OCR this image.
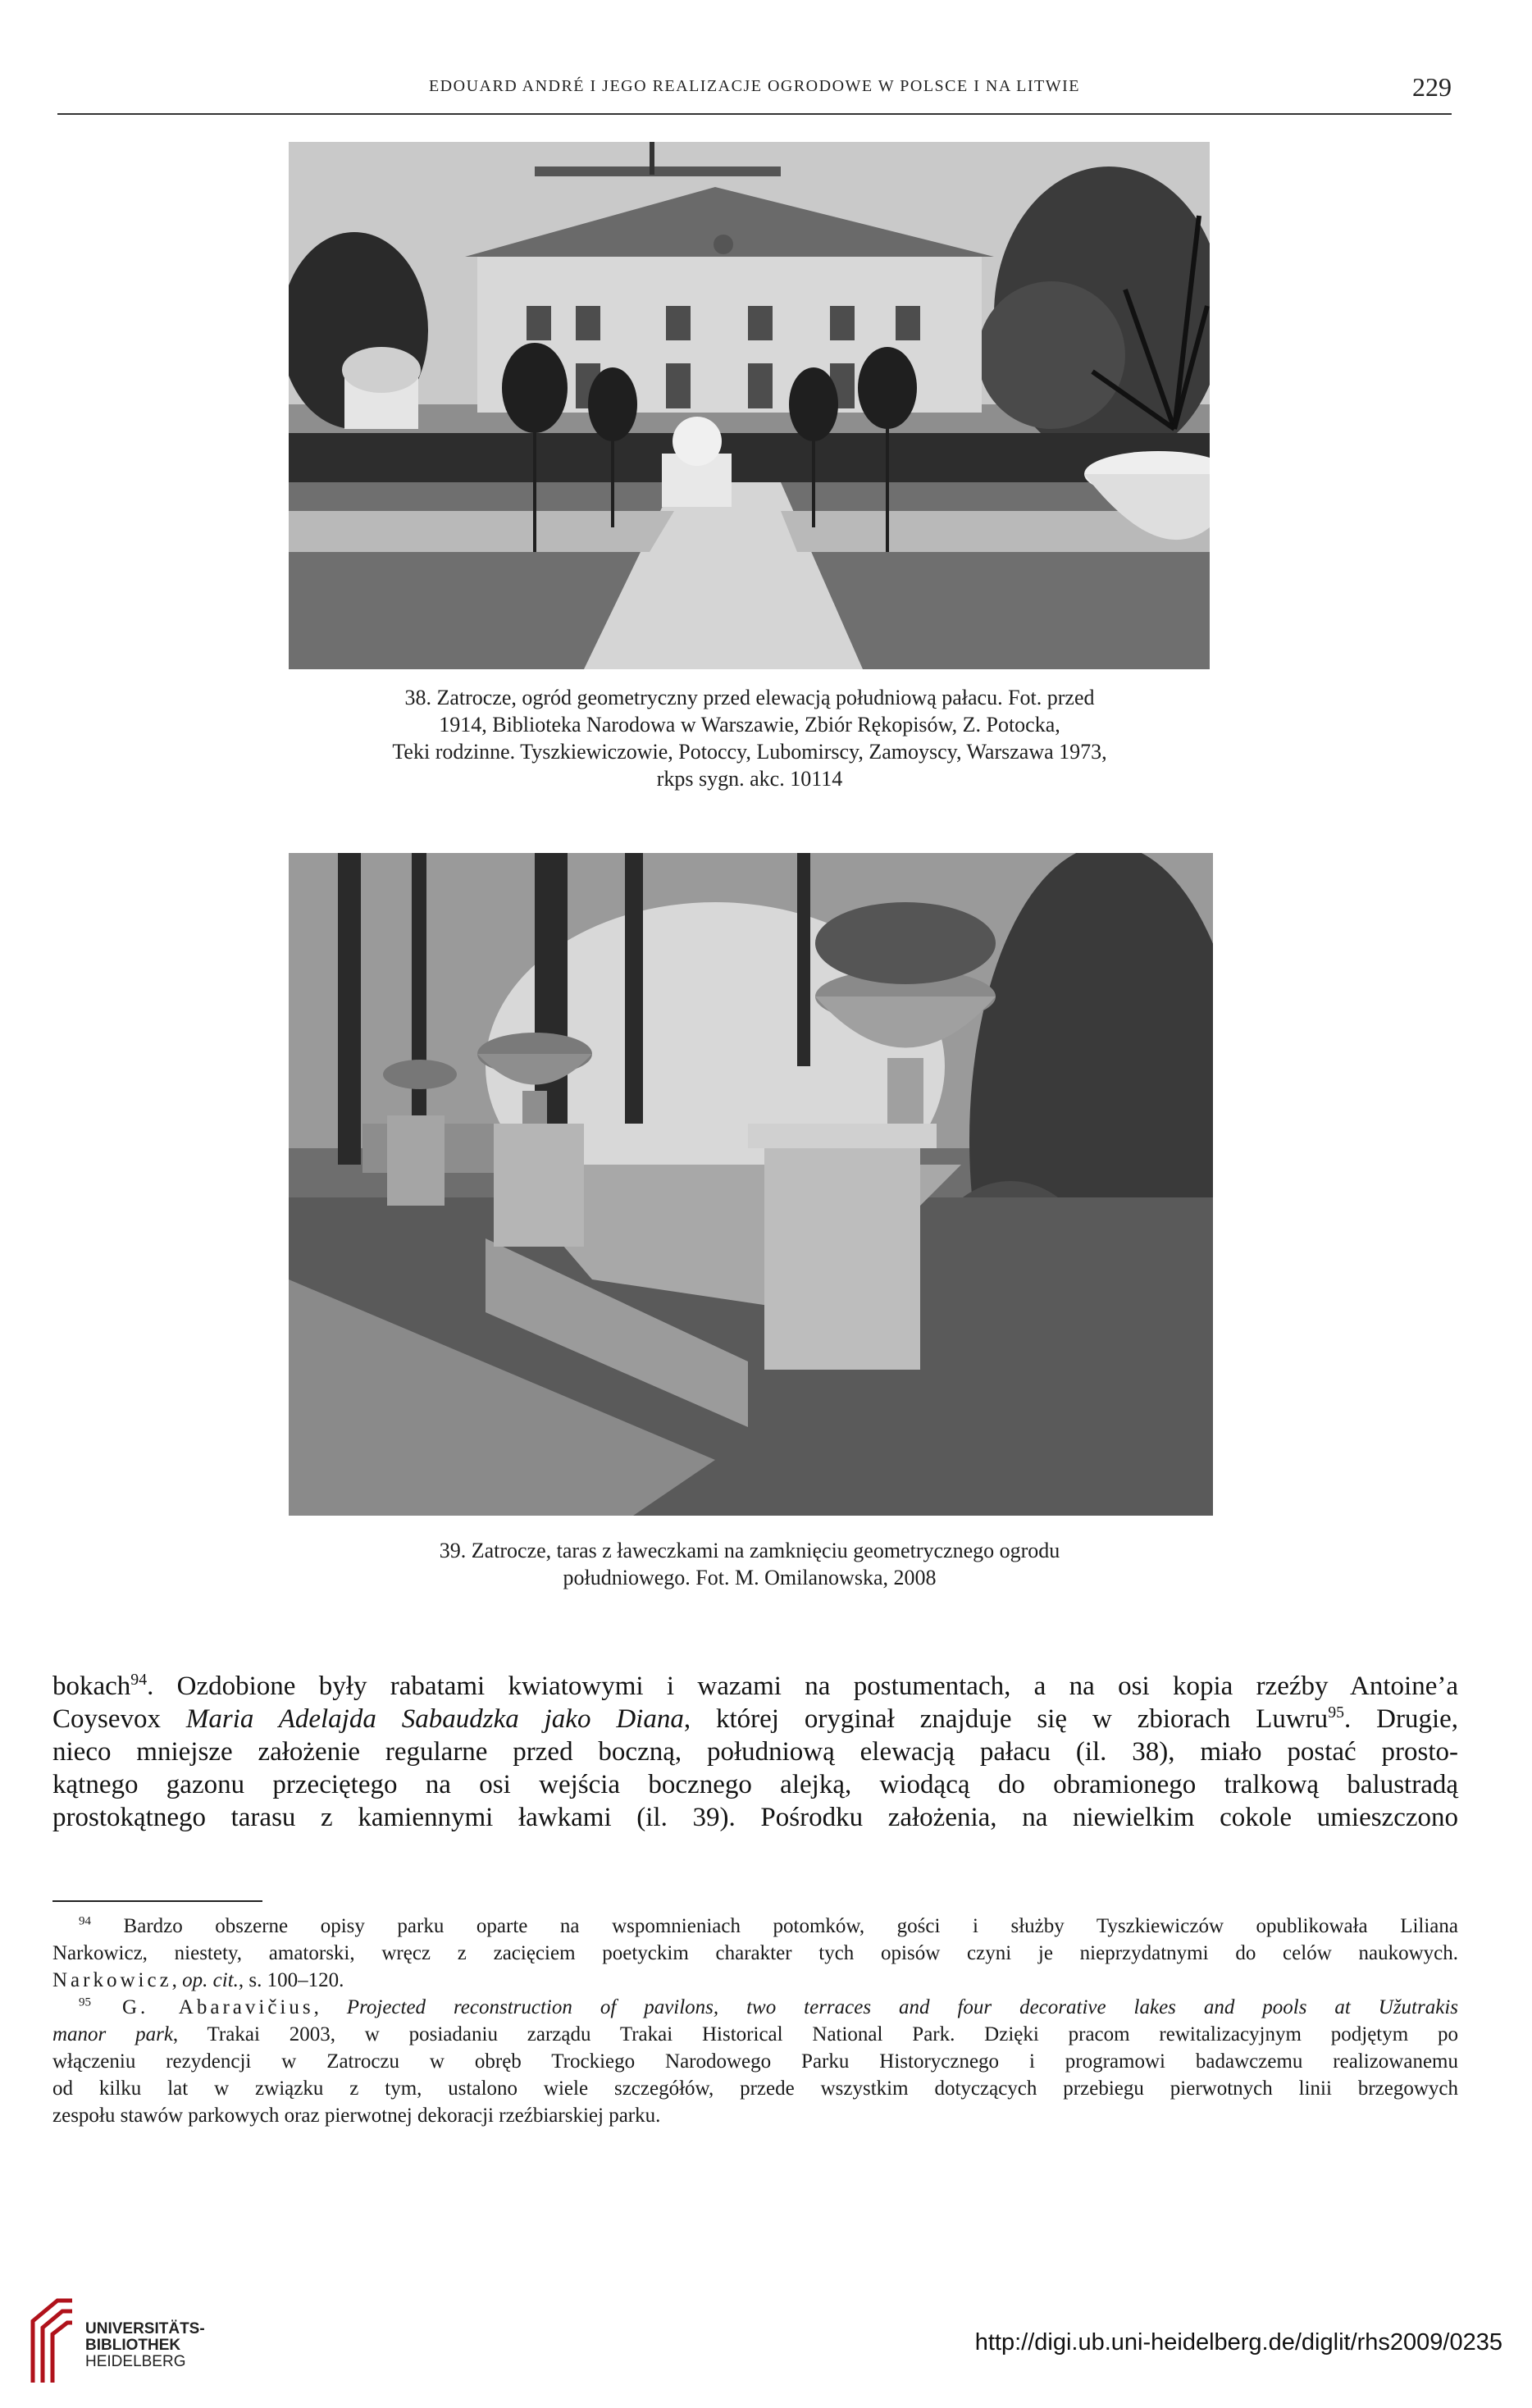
EDOUARD ANDRÉ I JEGO REALIZACJE OGRODOWE W POLSCE I NA LITWIE	229
38. Zatrocze, ogród geometryczny przed elewacją południową pałacu. Fot. przed
1914, Biblioteka Narodowa w Warszawie, Zbiór Rękopisów, Z. Potocka,
Teki rodzinne. Tyszkiewiczowie, Potoccy, Lubomirscy, Zamoyscy, Warszawa 1973,
rkps sygn. akc. 10114
39. Zatrocze, taras z ławeczkami na zamknięciu geometrycznego ogrodu
południowego. Fot. M. Omilanowska, 2008
bokach$^{94}$. Ozdobione były rabatami kwiatowymi i wazami na postumentach, a na osi kopia rzeźby Antoine’a
Coysevox Maria Adelajda Sabaudzka jako Diana, której oryginał znajduje się w zbiorach Luwru$^{95}$. Drugie,
nieco mniejsze założenie regularne przed boczną, południową elewacją pałacu (il. 38), miało postać prosto-
kątnego gazonu przeciętego na osi wejścia bocznego alejką, wiodącą do obramionego tralkową balustradą
prostokątnego tarasu z kamiennymi ławkami (il. 39). Pośrodku założenia, na niewielkim cokole umieszczono
$^{94}$ Bardzo obszerne opisy parku oparte na wspomnieniach potomków, gości i służby Tyszkiewiczów opublikowała Liliana
Narkowicz, niestety, amatorski, wręcz z zacięciem poetyckim charakter tych opisów czyni je nieprzydatnymi do celów naukowych.
Narkowicz, op. cit., s. 100–120.
$^{95}$ G. Abaravičius, Projected reconstruction of pavilons, two terraces and four decorative lakes and pools at Užutrakis
manor park, Trakai 2003, w posiadaniu zarządu Trakai Historical National Park. Dzięki pracom rewitalizacyjnym podjętym po
włączeniu rezydencji w Zatroczu w obręb Trockiego Narodowego Parku Historycznego i programowi badawczemu realizowanemu
od kilku lat w związku z tym, ustalono wiele szczegółów, przede wszystkim dotyczących przebiegu pierwotnych linii brzegowych
zespołu stawów parkowych oraz pierwotnej dekoracji rzeźbiarskiej parku.
UNIVERSITÄTS-
BIBLIOTHEK
HEIDELBERG
http://digi.ub.uni-heidelberg.de/diglit/rhs2009/0235
